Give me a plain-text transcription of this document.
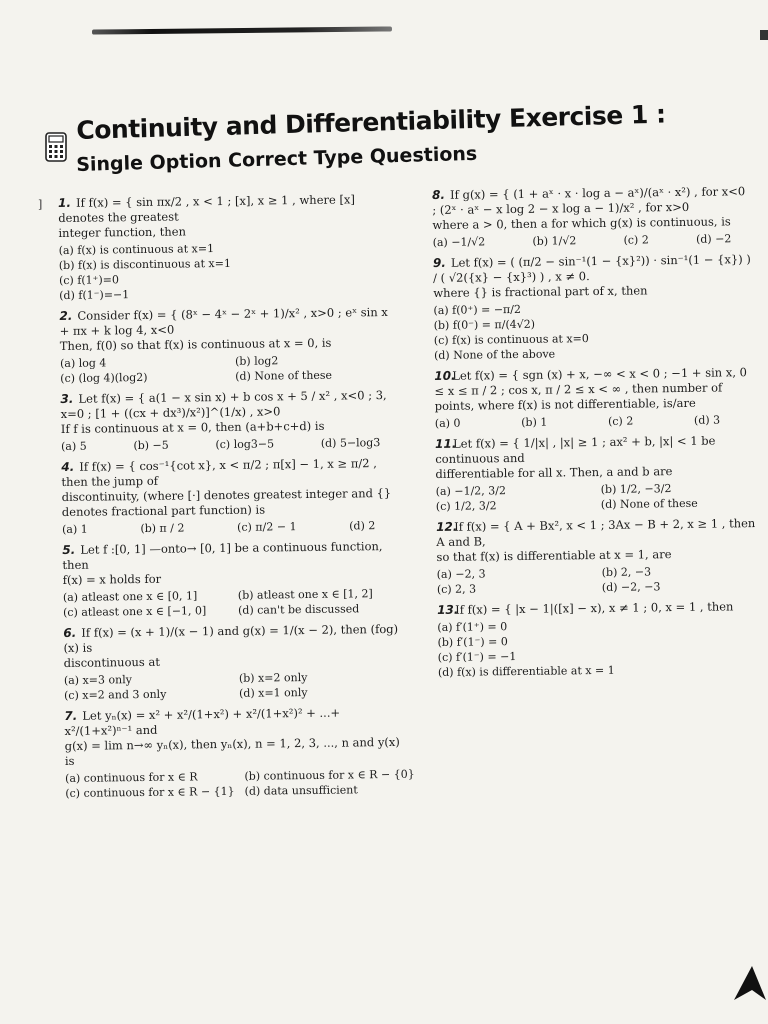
Continuity and Differentiability Exercise 1 :
Single Option Correct Type Questions
] 1. If f(x) = { sin πx/2 , x < 1 ; [x], x ≥ 1 , where [x] denotes the greatest
integer function, then
(a) f(x) is continuous at x=1
(b) f(x) is discontinuous at x=1
(c) f(1⁺)=0
(d) f(1⁻)=−1
2. Consider f(x) = { (8ˣ − 4ˣ − 2ˣ + 1)/x² , x>0 ; eˣ sin x + πx + k log 4, x<0
Then, f(0) so that f(x) is continuous at x = 0, is
(a) log 4	(b) log2
(c) (log 4)(log2)	(d) None of these
3. Let f(x) = { a(1 − x sin x) + b cos x + 5 / x² , x<0 ; 3, x=0 ; [1 + ((cx + dx³)/x²)]^(1/x) , x>0
If f is continuous at x = 0, then (a+b+c+d) is
(a) 5	(b) −5	(c) log3−5	(d) 5−log3
4. If f(x) = { cos⁻¹{cot x}, x < π/2 ; π[x] − 1, x ≥ π/2 , then the jump of
discontinuity, (where [·] denotes greatest integer and {} denotes fractional part function) is
(a) 1	(b) π / 2	(c) π/2 − 1	(d) 2
5. Let f :[0, 1] —onto→ [0, 1] be a continuous function, then
f(x) = x holds for
(a) atleast one x ∈ [0, 1]	(b) atleast one x ∈ [1, 2]
(c) atleast one x ∈ [−1, 0]	(d) can't be discussed
6. If f(x) = (x + 1)/(x − 1) and g(x) = 1/(x − 2), then (fog)(x) is
discontinuous at
(a) x=3 only	(b) x=2 only
(c) x=2 and 3 only	(d) x=1 only
7. Let yₙ(x) = x² + x²/(1+x²) + x²/(1+x²)² + ...+ x²/(1+x²)ⁿ⁻¹ and
g(x) = lim n→∞ yₙ(x), then yₙ(x), n = 1, 2, 3, ..., n and y(x) is
(a) continuous for x ∈ R	(b) continuous for x ∈ R − {0}
(c) continuous for x ∈ R − {1} (d) data unsufficient
8. If g(x) = { (1 + aˣ · x · log a − aˣ)/(aˣ · x²) , for x<0 ; (2ˣ · aˣ − x log 2 − x log a − 1)/x² , for x>0
where a > 0, then a for which g(x) is continuous, is
(a) −1/√2	(b) 1/√2	(c) 2	(d) −2
9. Let f(x) = ( (π/2 − sin⁻¹(1 − {x}²)) · sin⁻¹(1 − {x}) ) / ( √2({x} − {x}³) ) , x ≠ 0.
where {} is fractional part of x, then
(a) f(0⁺) = −π/2
(b) f(0⁻) = π/(4√2)
(c) f(x) is continuous at x=0
(d) None of the above
10.Let f(x) = { sgn (x) + x, −∞ < x < 0 ; −1 + sin x, 0 ≤ x ≤ π / 2 ; cos x, π / 2 ≤ x < ∞ , then number of
points, where f(x) is not differentiable, is/are
(a) 0	(b) 1	(c) 2	(d) 3
11.Let f(x) = { 1/|x| , |x| ≥ 1 ; ax² + b, |x| < 1 be continuous and
differentiable for all x. Then, a and b are
(a) −1/2, 3/2	(b) 1/2, −3/2
(c) 1/2, 3/2	(d) None of these
12.If f(x) = { A + Bx², x < 1 ; 3Ax − B + 2, x ≥ 1 , then A and B,
so that f(x) is differentiable at x = 1, are
(a) −2, 3	(b) 2, −3
(c) 2, 3	(d) −2, −3
13.If f(x) = { |x − 1|([x] − x), x ≠ 1 ; 0, x = 1 , then
(a) f′(1⁺) = 0
(b) f′(1⁻) = 0
(c) f′(1⁻) = −1
(d) f(x) is differentiable at x = 1
